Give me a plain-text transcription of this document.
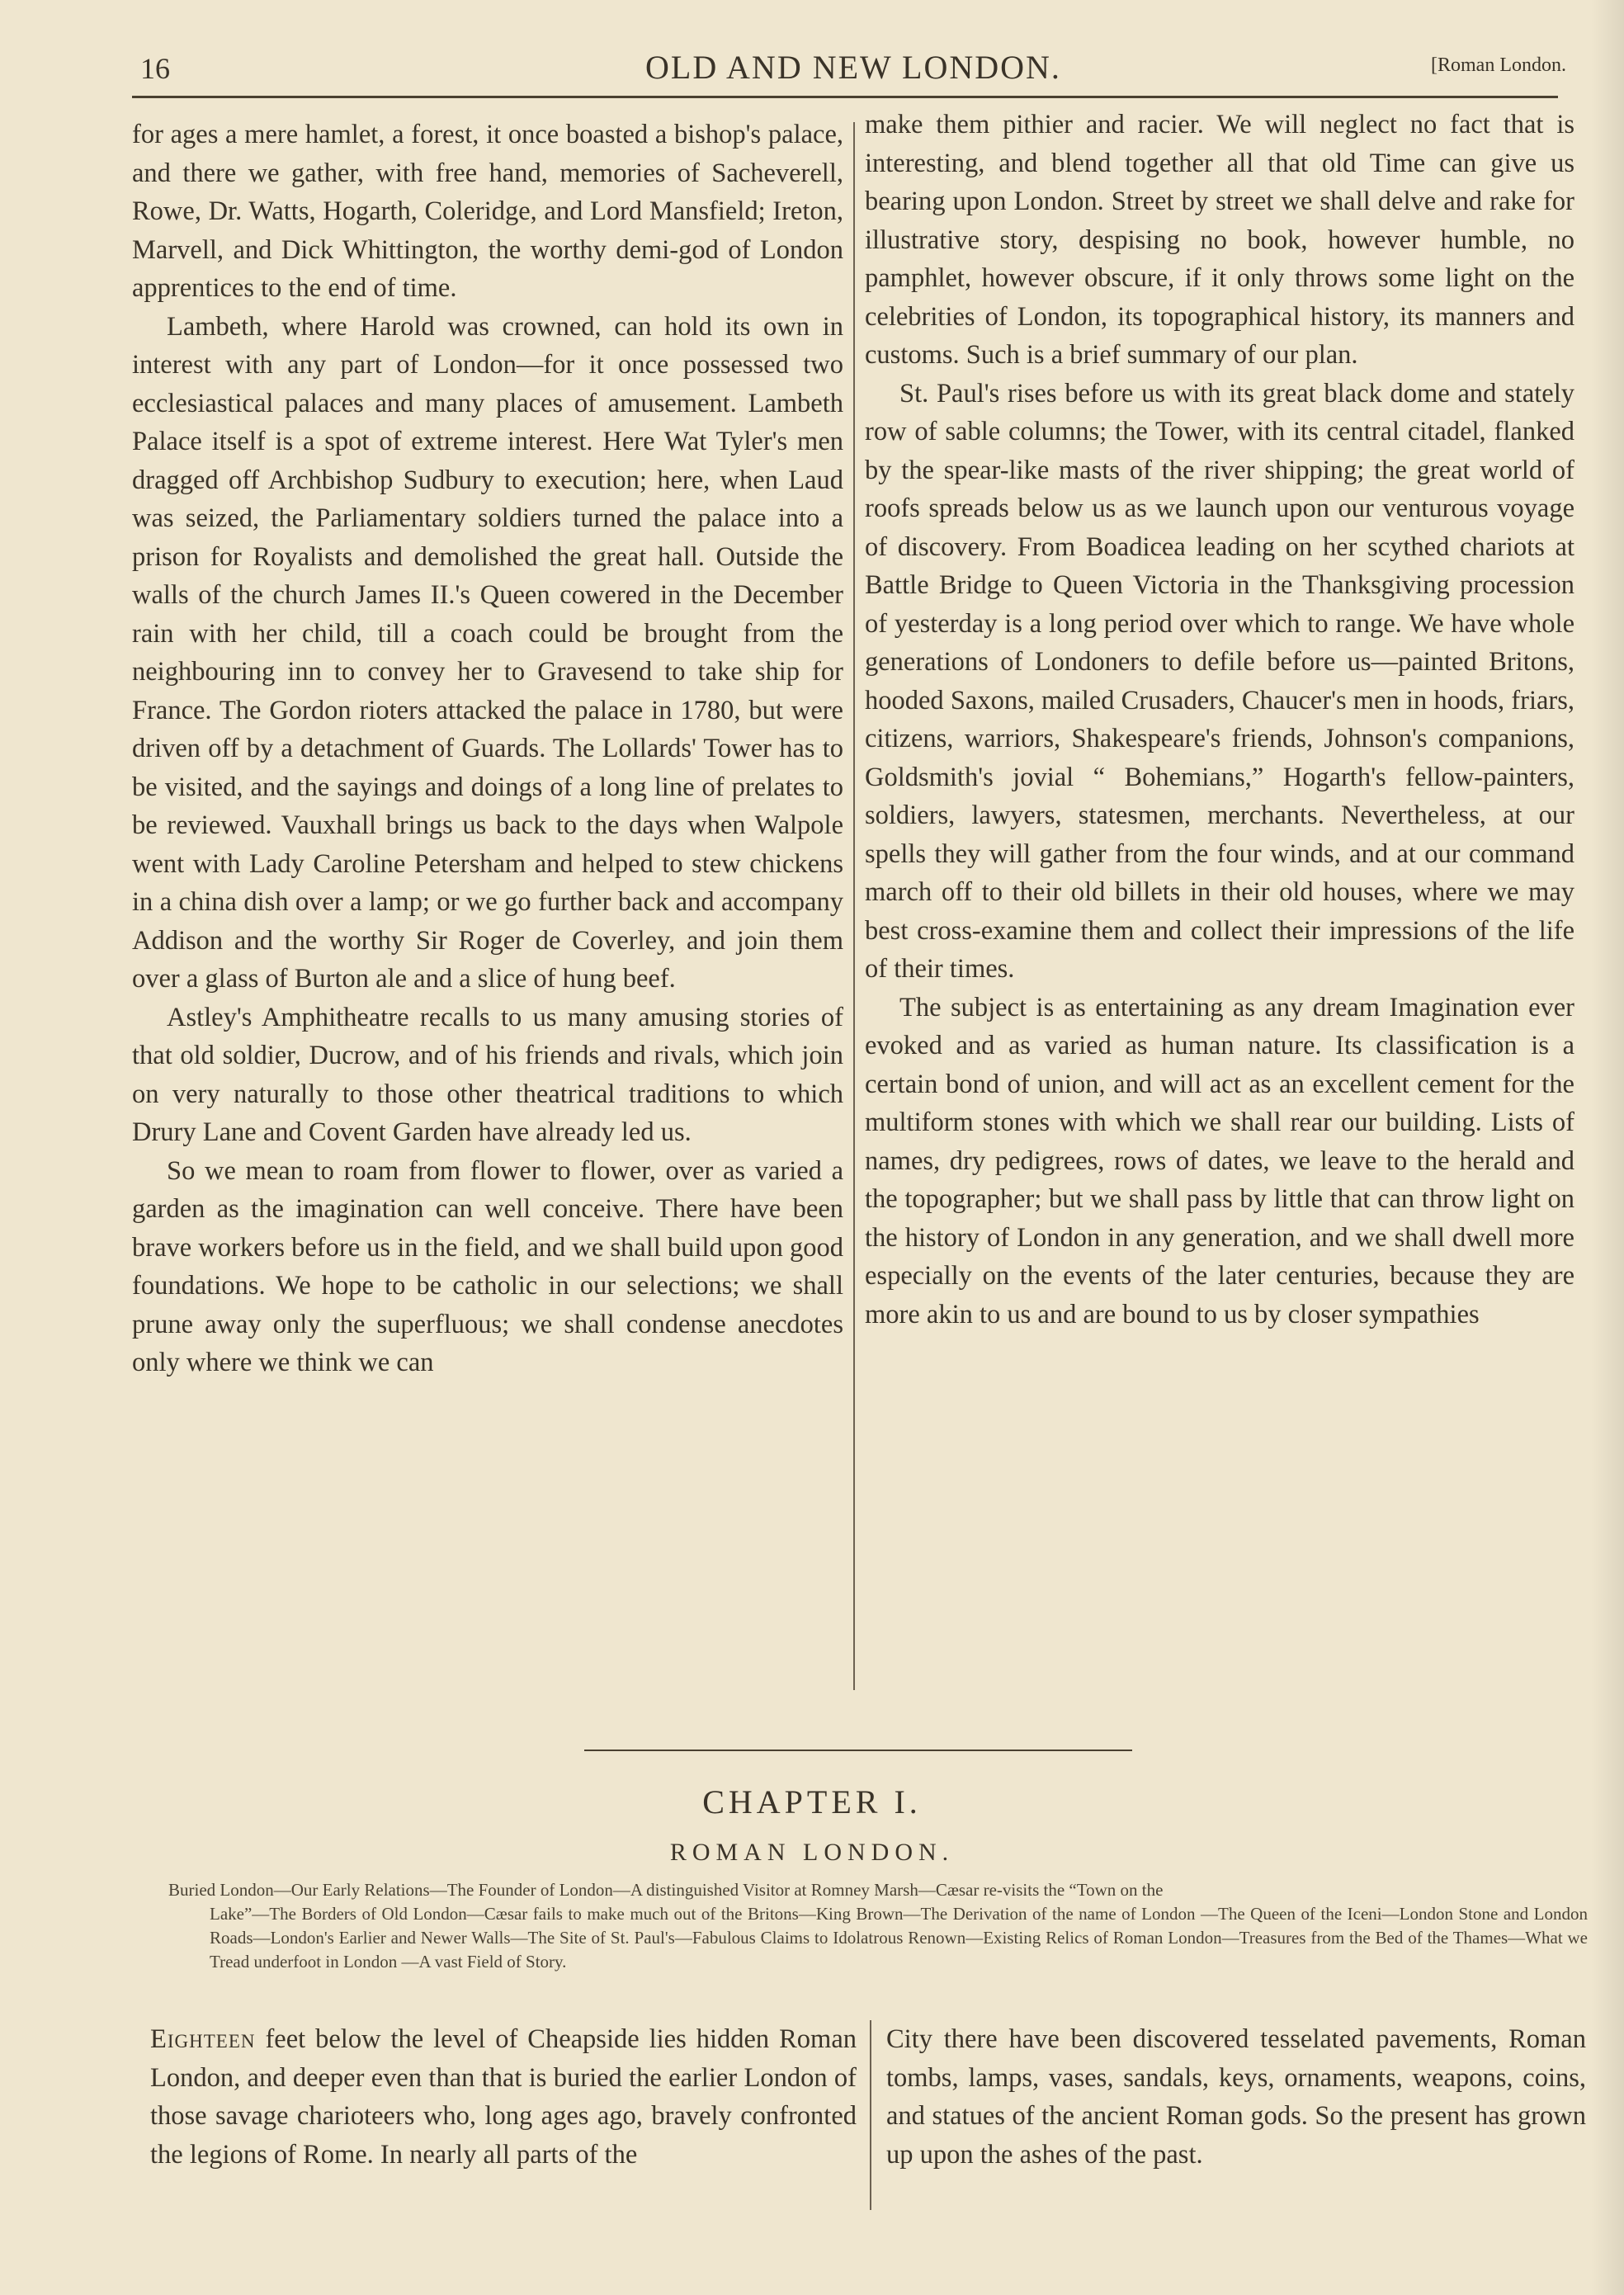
16	OLD AND NEW LONDON.	[Roman London.

for ages a mere hamlet, a forest, it once boasted a bishop's palace, and there we gather, with free hand, memories of Sacheverell, Rowe, Dr. Watts, Hogarth, Coleridge, and Lord Mansfield; Ireton, Marvell, and Dick Whittington, the worthy demi-god of London apprentices to the end of time.

Lambeth, where Harold was crowned, can hold its own in interest with any part of London—for it once possessed two ecclesiastical palaces and many places of amusement. Lambeth Palace itself is a spot of extreme interest. Here Wat Tyler's men dragged off Archbishop Sudbury to execution; here, when Laud was seized, the Parliamentary soldiers turned the palace into a prison for Royalists and demolished the great hall. Outside the walls of the church James II.'s Queen cowered in the December rain with her child, till a coach could be brought from the neighbouring inn to convey her to Gravesend to take ship for France. The Gordon rioters attacked the palace in 1780, but were driven off by a detachment of Guards. The Lollards' Tower has to be visited, and the sayings and doings of a long line of prelates to be reviewed. Vauxhall brings us back to the days when Walpole went with Lady Caroline Petersham and helped to stew chickens in a china dish over a lamp; or we go further back and accompany Addison and the worthy Sir Roger de Coverley, and join them over a glass of Burton ale and a slice of hung beef.

Astley's Amphitheatre recalls to us many amusing stories of that old soldier, Ducrow, and of his friends and rivals, which join on very naturally to those other theatrical traditions to which Drury Lane and Covent Garden have already led us.

So we mean to roam from flower to flower, over as varied a garden as the imagination can well conceive. There have been brave workers before us in the field, and we shall build upon good foundations. We hope to be catholic in our selections; we shall prune away only the superfluous; we shall condense anecdotes only where we think we can

make them pithier and racier. We will neglect no fact that is interesting, and blend together all that old Time can give us bearing upon London. Street by street we shall delve and rake for illustrative story, despising no book, however humble, no pamphlet, however obscure, if it only throws some light on the celebrities of London, its topographical history, its manners and customs. Such is a brief summary of our plan.

St. Paul's rises before us with its great black dome and stately row of sable columns; the Tower, with its central citadel, flanked by the spear-like masts of the river shipping; the great world of roofs spreads below us as we launch upon our venturous voyage of discovery. From Boadicea leading on her scythed chariots at Battle Bridge to Queen Victoria in the Thanksgiving procession of yesterday is a long period over which to range. We have whole generations of Londoners to defile before us—painted Britons, hooded Saxons, mailed Crusaders, Chaucer's men in hoods, friars, citizens, warriors, Shakespeare's friends, Johnson's companions, Goldsmith's jovial “ Bohemians,” Hogarth's fellow-painters, soldiers, lawyers, statesmen, merchants. Nevertheless, at our spells they will gather from the four winds, and at our command march off to their old billets in their old houses, where we may best cross-examine them and collect their impressions of the life of their times.

The subject is as entertaining as any dream Imagination ever evoked and as varied as human nature. Its classification is a certain bond of union, and will act as an excellent cement for the multiform stones with which we shall rear our building. Lists of names, dry pedigrees, rows of dates, we leave to the herald and the topographer; but we shall pass by little that can throw light on the history of London in any generation, and we shall dwell more especially on the events of the later centuries, because they are more akin to us and are bound to us by closer sympathies

CHAPTER I.
ROMAN LONDON.
Buried London—Our Early Relations—The Founder of London—A distinguished Visitor at Romney Marsh—Cæsar re-visits the “Town on the
Lake”—The Borders of Old London—Cæsar fails to make much out of the Britons—King Brown—The Derivation of the name of London —The Queen of the Iceni—London Stone and London Roads—London's Earlier and Newer Walls—The Site of St. Paul's—Fabulous Claims to Idolatrous Renown—Existing Relics of Roman London—Treasures from the Bed of the Thames—What we Tread underfoot in London —A vast Field of Story.

Eighteen feet below the level of Cheapside lies hidden Roman London, and deeper even than that is buried the earlier London of those savage charioteers who, long ages ago, bravely confronted the legions of Rome. In nearly all parts of the

City there have been discovered tesselated pavements, Roman tombs, lamps, vases, sandals, keys, ornaments, weapons, coins, and statues of the ancient Roman gods. So the present has grown up upon the ashes of the past.
